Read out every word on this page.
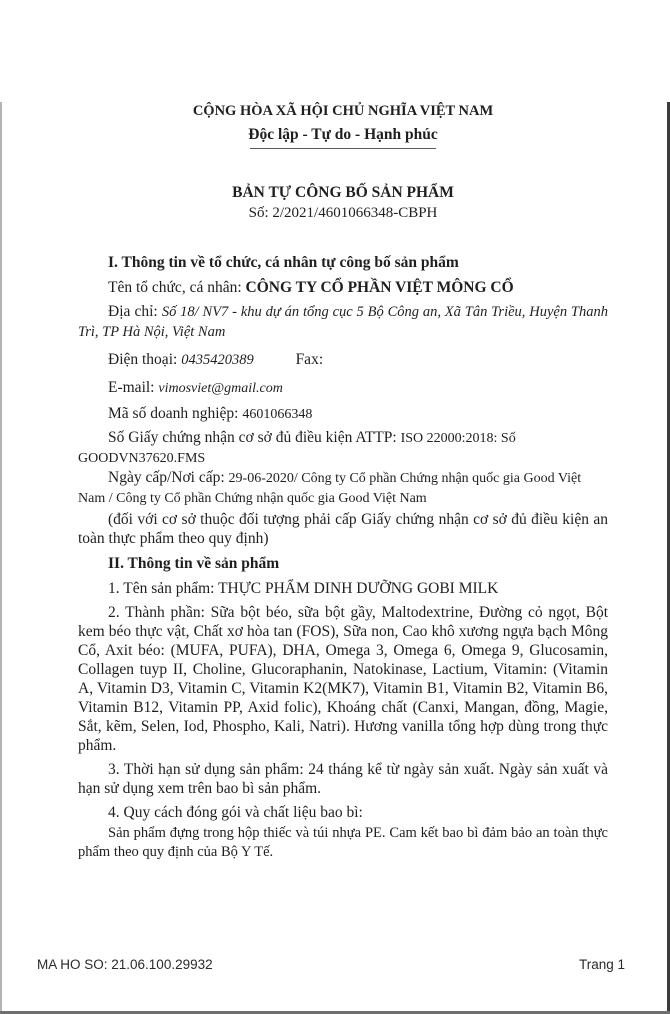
CỘNG HÒA XÃ HỘI CHỦ NGHĨA VIỆT NAM

Độc lập - Tự do - Hạnh phúc

BẢN TỰ CÔNG BỐ SẢN PHẨM

Số: 2/2021/4601066348-CBPH

I. Thông tin về tổ chức, cá nhân tự công bố sản phẩm

Tên tổ chức, cá nhân: CÔNG TY CỔ PHẦN VIỆT MÔNG CỔ

Địa chỉ: Số 18/ NV7 - khu dự án tổng cục 5 Bộ Công an, Xã Tân Triều, Huyện Thanh Trì, TP Hà Nội, Việt Nam

Điện thoại: 0435420389	Fax:

E-mail: vimosviet@gmail.com

Mã số doanh nghiệp: 4601066348

Số Giấy chứng nhận cơ sở đủ điều kiện ATTP: ISO 22000:2018: Số GOODVN37620.FMS

Ngày cấp/Nơi cấp: 29-06-2020/ Công ty Cổ phần Chứng nhận quốc gia Good Việt Nam / Công ty Cổ phần Chứng nhận quốc gia Good Việt Nam

(đối với cơ sở thuộc đối tượng phải cấp Giấy chứng nhận cơ sở đủ điều kiện an toàn thực phẩm theo quy định)

II. Thông tin về sản phẩm

1. Tên sản phẩm: THỰC PHẨM DINH DƯỠNG GOBI MILK

2. Thành phần: Sữa bột béo, sữa bột gầy, Maltodextrine, Đường cỏ ngọt, Bột kem béo thực vật, Chất xơ hòa tan (FOS), Sữa non, Cao khô xương ngựa bạch Mông Cổ, Axit béo: (MUFA, PUFA), DHA, Omega 3, Omega 6, Omega 9, Glucosamin, Collagen tuyp II, Choline, Glucoraphanin, Natokinase, Lactium, Vitamin: (Vitamin A, Vitamin D3, Vitamin C, Vitamin K2(MK7), Vitamin B1, Vitamin B2, Vitamin B6, Vitamin B12, Vitamin PP, Axid folic), Khoáng chất (Canxi, Mangan, đồng, Magie, Sắt, kẽm, Selen, Iod, Phospho, Kali, Natri). Hương vanilla tổng hợp dùng trong thực phẩm.

3. Thời hạn sử dụng sản phẩm: 24 tháng kể từ ngày sản xuất. Ngày sản xuất và hạn sử dụng xem trên bao bì sản phẩm.

4. Quy cách đóng gói và chất liệu bao bì:

Sản phẩm đựng trong hộp thiếc và túi nhựa PE. Cam kết bao bì đảm bảo an toàn thực phẩm theo quy định của Bộ Y Tế.

MA HO SO: 21.06.100.29932	Trang 1
